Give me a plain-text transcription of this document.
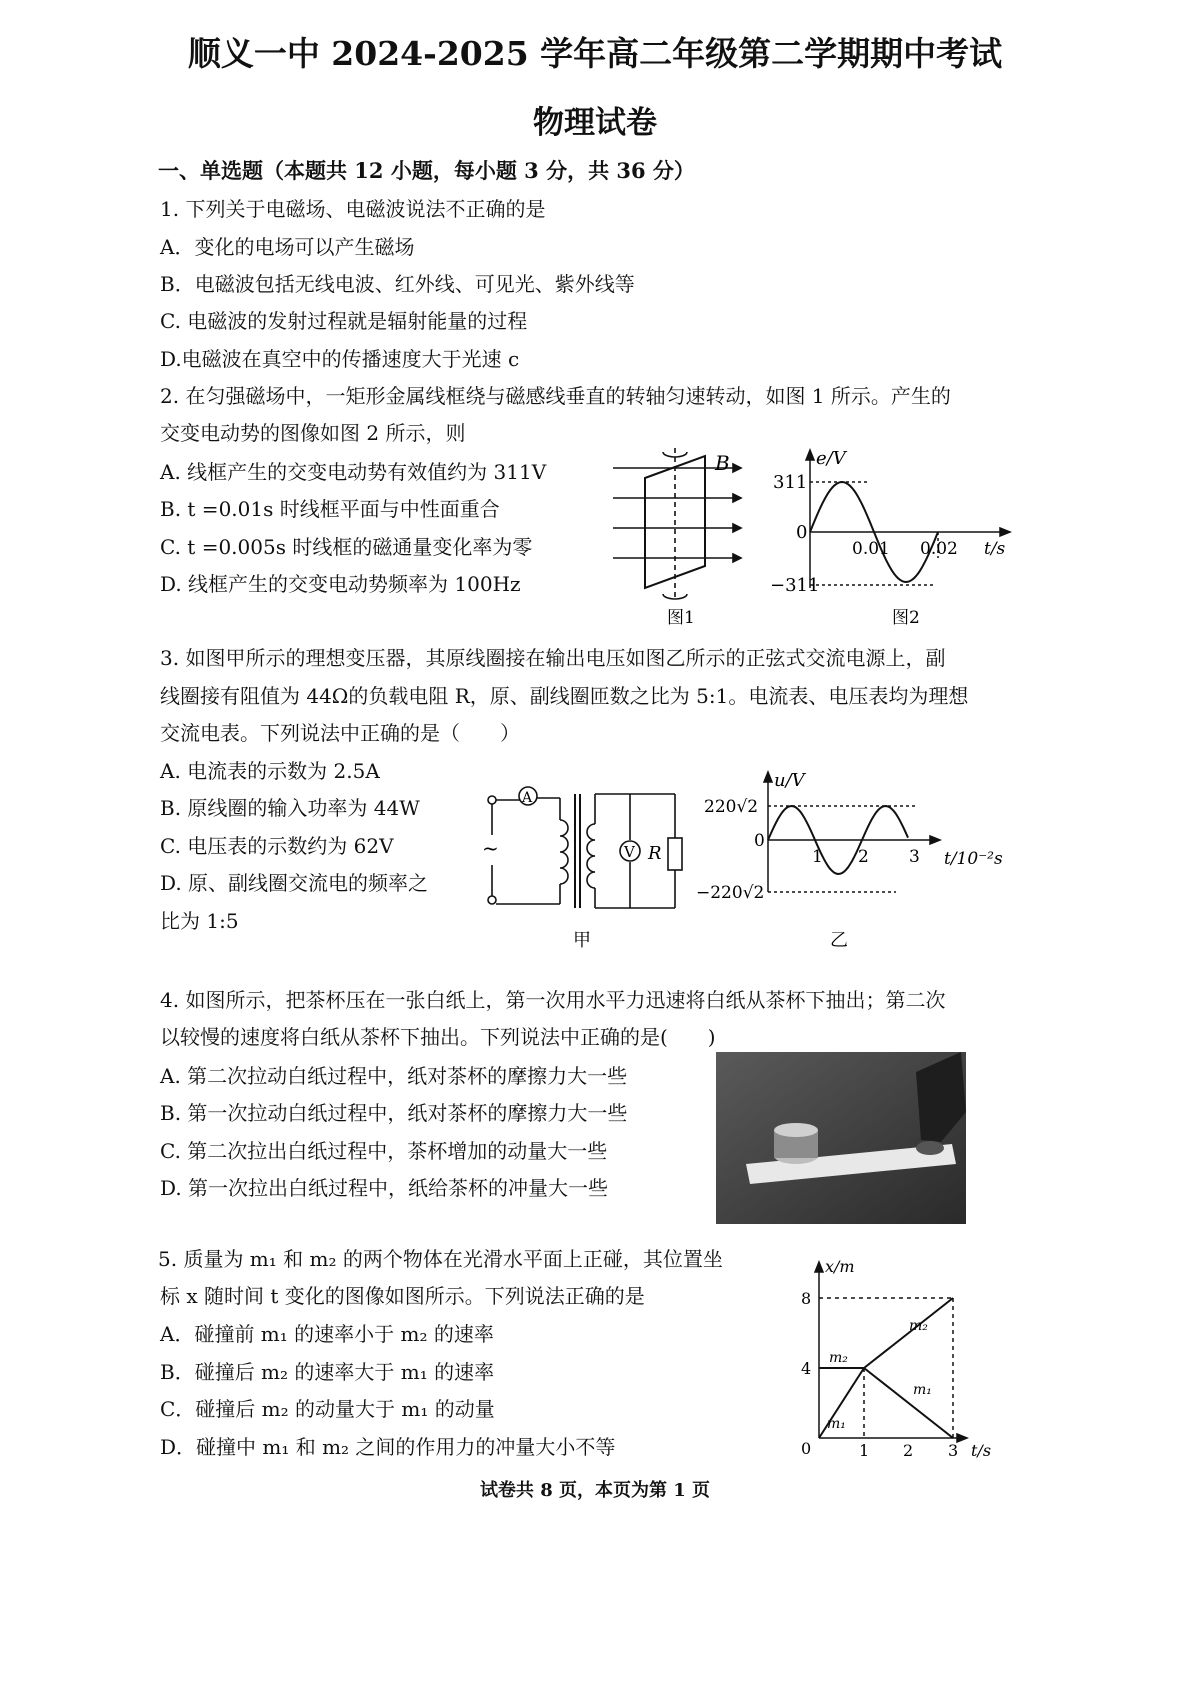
顺义一中 2024-2025 学年高二年级第二学期期中考试
物理试卷
一、单选题（本题共 12 小题，每小题 3 分，共 36 分）
1. 下列关于电磁场、电磁波说法不正确的是
A．变化的电场可以产生磁场
B．电磁波包括无线电波、红外线、可见光、紫外线等
C. 电磁波的发射过程就是辐射能量的过程
D.电磁波在真空中的传播速度大于光速 c
2. 在匀强磁场中，一矩形金属线框绕与磁感线垂直的转轴匀速转动，如图 1 所示。产生的
交变电动势的图像如图 2 所示，则
A. 线框产生的交变电动势有效值约为 311V
B. t =0.01s 时线框平面与中性面重合
C. t =0.005s 时线框的磁通量变化率为零
D. 线框产生的交变电动势频率为 100Hz
B
图1
e/V
311
0
−311
0.01 0.02 t/s
图2
3. 如图甲所示的理想变压器，其原线圈接在输出电压如图乙所示的正弦式交流电源上，副
线圈接有阻值为 44Ω的负载电阻 R，原、副线圈匝数之比为 5:1。电流表、电压表均为理想
交流电表。下列说法中正确的是（　　）
A. 电流表的示数为 2.5A
B. 原线圈的输入功率为 44W
C. 电压表的示数约为 62V
D. 原、副线圈交流电的频率之
比为 1:5
A
V R
~
甲
u/V
220√2
0
−220√2
1 2 3 t/10⁻²s
乙
4. 如图所示，把茶杯压在一张白纸上，第一次用水平力迅速将白纸从茶杯下抽出；第二次
以较慢的速度将白纸从茶杯下抽出。下列说法中正确的是(　　)
A. 第二次拉动白纸过程中，纸对茶杯的摩擦力大一些
B. 第一次拉动白纸过程中，纸对茶杯的摩擦力大一些
C. 第二次拉出白纸过程中，茶杯增加的动量大一些
D. 第一次拉出白纸过程中，纸给茶杯的冲量大一些
5. 质量为 m₁ 和 m₂ 的两个物体在光滑水平面上正碰，其位置坐
标 x 随时间 t 变化的图像如图所示。下列说法正确的是
A．碰撞前 m₁ 的速率小于 m₂ 的速率
B．碰撞后 m₂ 的速率大于 m₁ 的速率
C．碰撞后 m₂ 的动量大于 m₁ 的动量
D．碰撞中 m₁ 和 m₂ 之间的作用力的冲量大小不等
x/m
8
4
0	1 2 3 t/s
m₂
m₁
m₂
m₁
试卷共 8 页，本页为第 1 页
